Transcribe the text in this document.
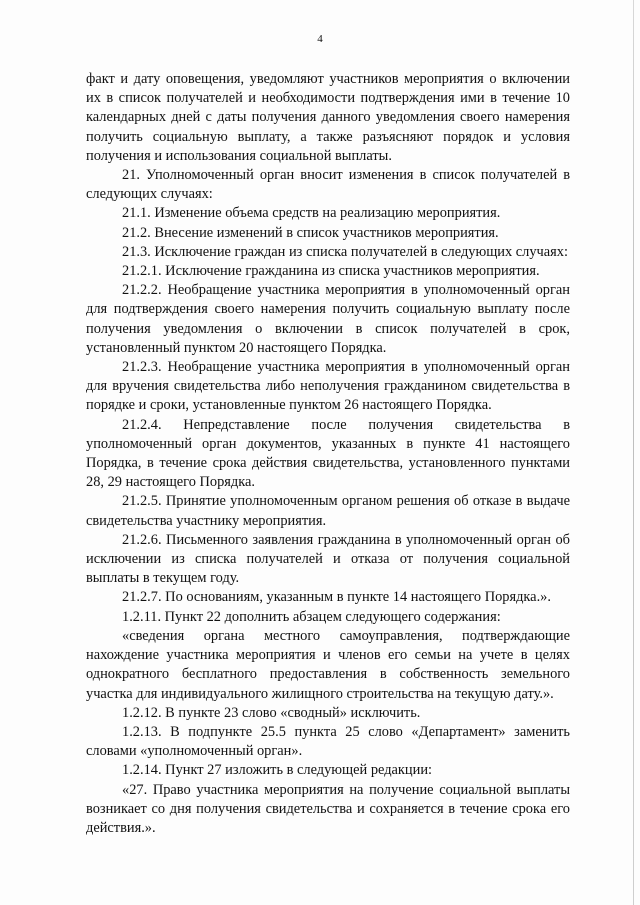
4

факт и дату оповещения, уведомляют участников мероприятия о включении их в список получателей и необходимости подтверждения ими в течение 10 календарных дней с даты получения данного уведомления своего намерения получить социальную выплату, а также разъясняют порядок и условия получения и использования социальной выплаты.

21. Уполномоченный орган вносит изменения в список получателей в следующих случаях:

21.1. Изменение объема средств на реализацию мероприятия.

21.2. Внесение изменений в список участников мероприятия.

21.3. Исключение граждан из списка получателей в следующих случаях:

21.2.1. Исключение гражданина из списка участников мероприятия.

21.2.2. Необращение участника мероприятия в уполномоченный орган для подтверждения своего намерения получить социальную выплату после получения уведомления о включении в список получателей в срок, установленный пунктом 20 настоящего Порядка.

21.2.3. Необращение участника мероприятия в уполномоченный орган для вручения свидетельства либо неполучения гражданином свидетельства в порядке и сроки, установленные пунктом 26 настоящего Порядка.

21.2.4. Непредставление после получения свидетельства в уполномоченный орган документов, указанных в пункте 41 настоящего Порядка, в течение срока действия свидетельства, установленного пунктами 28, 29 настоящего Порядка.

21.2.5. Принятие уполномоченным органом решения об отказе в выдаче свидетельства участнику мероприятия.

21.2.6. Письменного заявления гражданина в уполномоченный орган об исключении из списка получателей и отказа от получения социальной выплаты в текущем году.

21.2.7. По основаниям, указанным в пункте 14 настоящего Порядка.».

1.2.11. Пункт 22 дополнить абзацем следующего содержания:

«сведения органа местного самоуправления, подтверждающие нахождение участника мероприятия и членов его семьи на учете в целях однократного бесплатного предоставления в собственность земельного участка для индивидуального жилищного строительства на текущую дату.».

1.2.12. В пункте 23 слово «сводный» исключить.

1.2.13. В подпункте 25.5 пункта 25 слово «Департамент» заменить словами «уполномоченный орган».

1.2.14. Пункт 27 изложить в следующей редакции:

«27. Право участника мероприятия на получение социальной выплаты возникает со дня получения свидетельства и сохраняется в течение срока его действия.».
